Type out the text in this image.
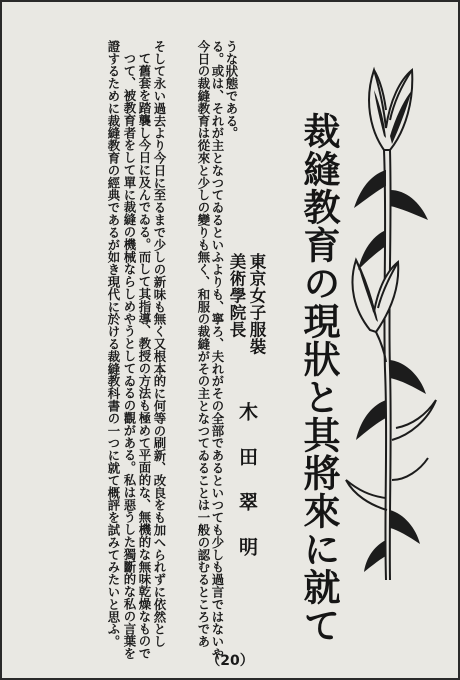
裁縫教育の現狀と其將來に就て
東京女子服裝
美術學院長
木田翠明
今日の裁縫教育は從來と少しの變りも無く、和服の裁縫がその主となつてゐることは一般の認むるところであ る。或は、それが主となつてゐるといふよりも、寧ろ、夫れがその全部であるといつても少しも過言ではないや うな狀態である。
そして永い過去より今日に至るまで少しの新味も無く又根本的に何等の刷新、改良をも加へられずに依然とし
て舊套を踏襲し今日に及んでゐる。而して其指導、教授の方法も極めて平面的な、無機的な無味乾燥なもので
つて、被教育者をして單に裁縫の機械ならしめやうとしてゐるの觀がある。私は惡うした獨斷的な私の言葉を
證するために裁縫教育の經典であるが如き現代に於ける裁縫教科書の一つに就て概評を試みてみたいと思ふ。
（20）
